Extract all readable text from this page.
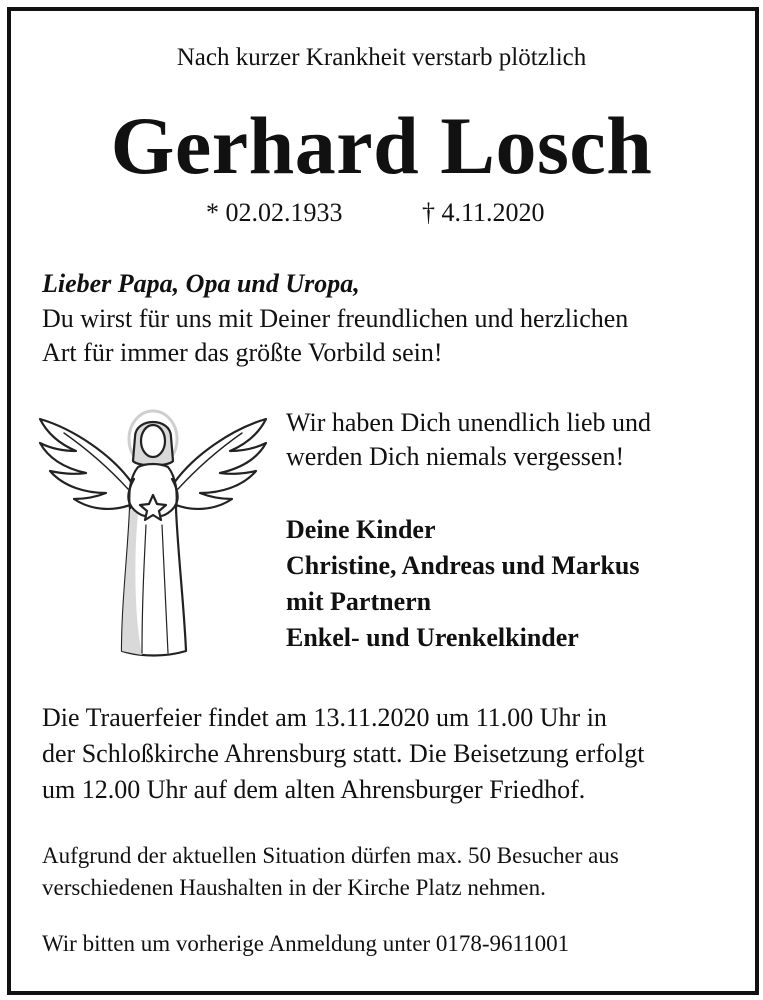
Nach kurzer Krankheit verstarb plötzlich
Gerhard Losch
* 02.02.1933	† 4.11.2020
Lieber Papa, Opa und Uropa,
Du wirst für uns mit Deiner freundlichen und herzlichen
Art für immer das größte Vorbild sein!
Wir haben Dich unendlich lieb und
werden Dich niemals vergessen!
Deine Kinder
Christine, Andreas und Markus
mit Partnern
Enkel- und Urenkelkinder
Die Trauerfeier findet am 13.11.2020 um 11.00 Uhr in
der Schloßkirche Ahrensburg statt. Die Beisetzung erfolgt
um 12.00 Uhr auf dem alten Ahrensburger Friedhof.
Aufgrund der aktuellen Situation dürfen max. 50 Besucher aus
verschiedenen Haushalten in der Kirche Platz nehmen.
Wir bitten um vorherige Anmeldung unter 0178-9611001
